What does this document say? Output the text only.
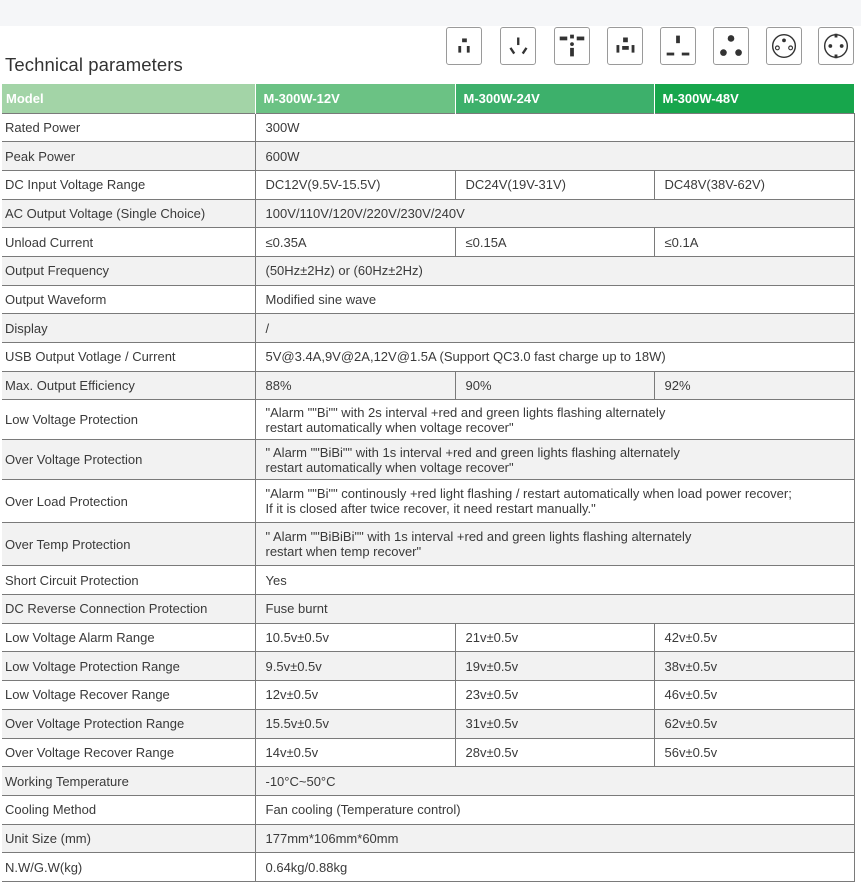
Technical parameters
Model	M-300W-12V	M-300W-24V	M-300W-48V
Rated Power	300W		
Peak Power	600W		
DC Input Voltage Range	DC12V(9.5V-15.5V)	DC24V(19V-31V)	DC48V(38V-62V)
AC Output Voltage (Single Choice)	100V/110V/120V/220V/230V/240V		
Unload Current	≤0.35A	≤0.15A	≤0.1A
Output Frequency	(50Hz±2Hz) or (60Hz±2Hz)		
Output Waveform	Modified sine wave		
Display	/		
USB Output Votlage / Current	5V@3.4A,9V@2A,12V@1.5A (Support QC3.0 fast charge up to 18W)		
Max. Output Efficiency	88%	90%	92%
Low Voltage Protection	"Alarm ""Bi"" with 2s interval +red and green lights flashing alternately
restart automatically when voltage recover"		

Over Voltage Protection	" Alarm ""BiBi"" with 1s interval +red and green lights flashing alternately
restart automatically when voltage recover"		

Over Load Protection	"Alarm ""Bi"" continously +red light flashing / restart automatically when load power recover;
If it is closed after twice recover, it need restart manually."		

Over Temp Protection	" Alarm ""BiBiBi"" with 1s interval +red and green lights flashing alternately
restart when temp recover"		

Short Circuit Protection	Yes		
DC Reverse Connection Protection	Fuse burnt		
Low Voltage Alarm Range	10.5v±0.5v	21v±0.5v	42v±0.5v
Low Voltage Protection Range	9.5v±0.5v	19v±0.5v	38v±0.5v
Low Voltage Recover Range	12v±0.5v	23v±0.5v	46v±0.5v
Over Voltage Protection Range	15.5v±0.5v	31v±0.5v	62v±0.5v
Over Voltage Recover Range	14v±0.5v	28v±0.5v	56v±0.5v
Working Temperature	-10°C~50°C		
Cooling Method	Fan cooling (Temperature control)		
Unit Size (mm)	177mm*106mm*60mm		
N.W/G.W(kg)	0.64kg/0.88kg		
